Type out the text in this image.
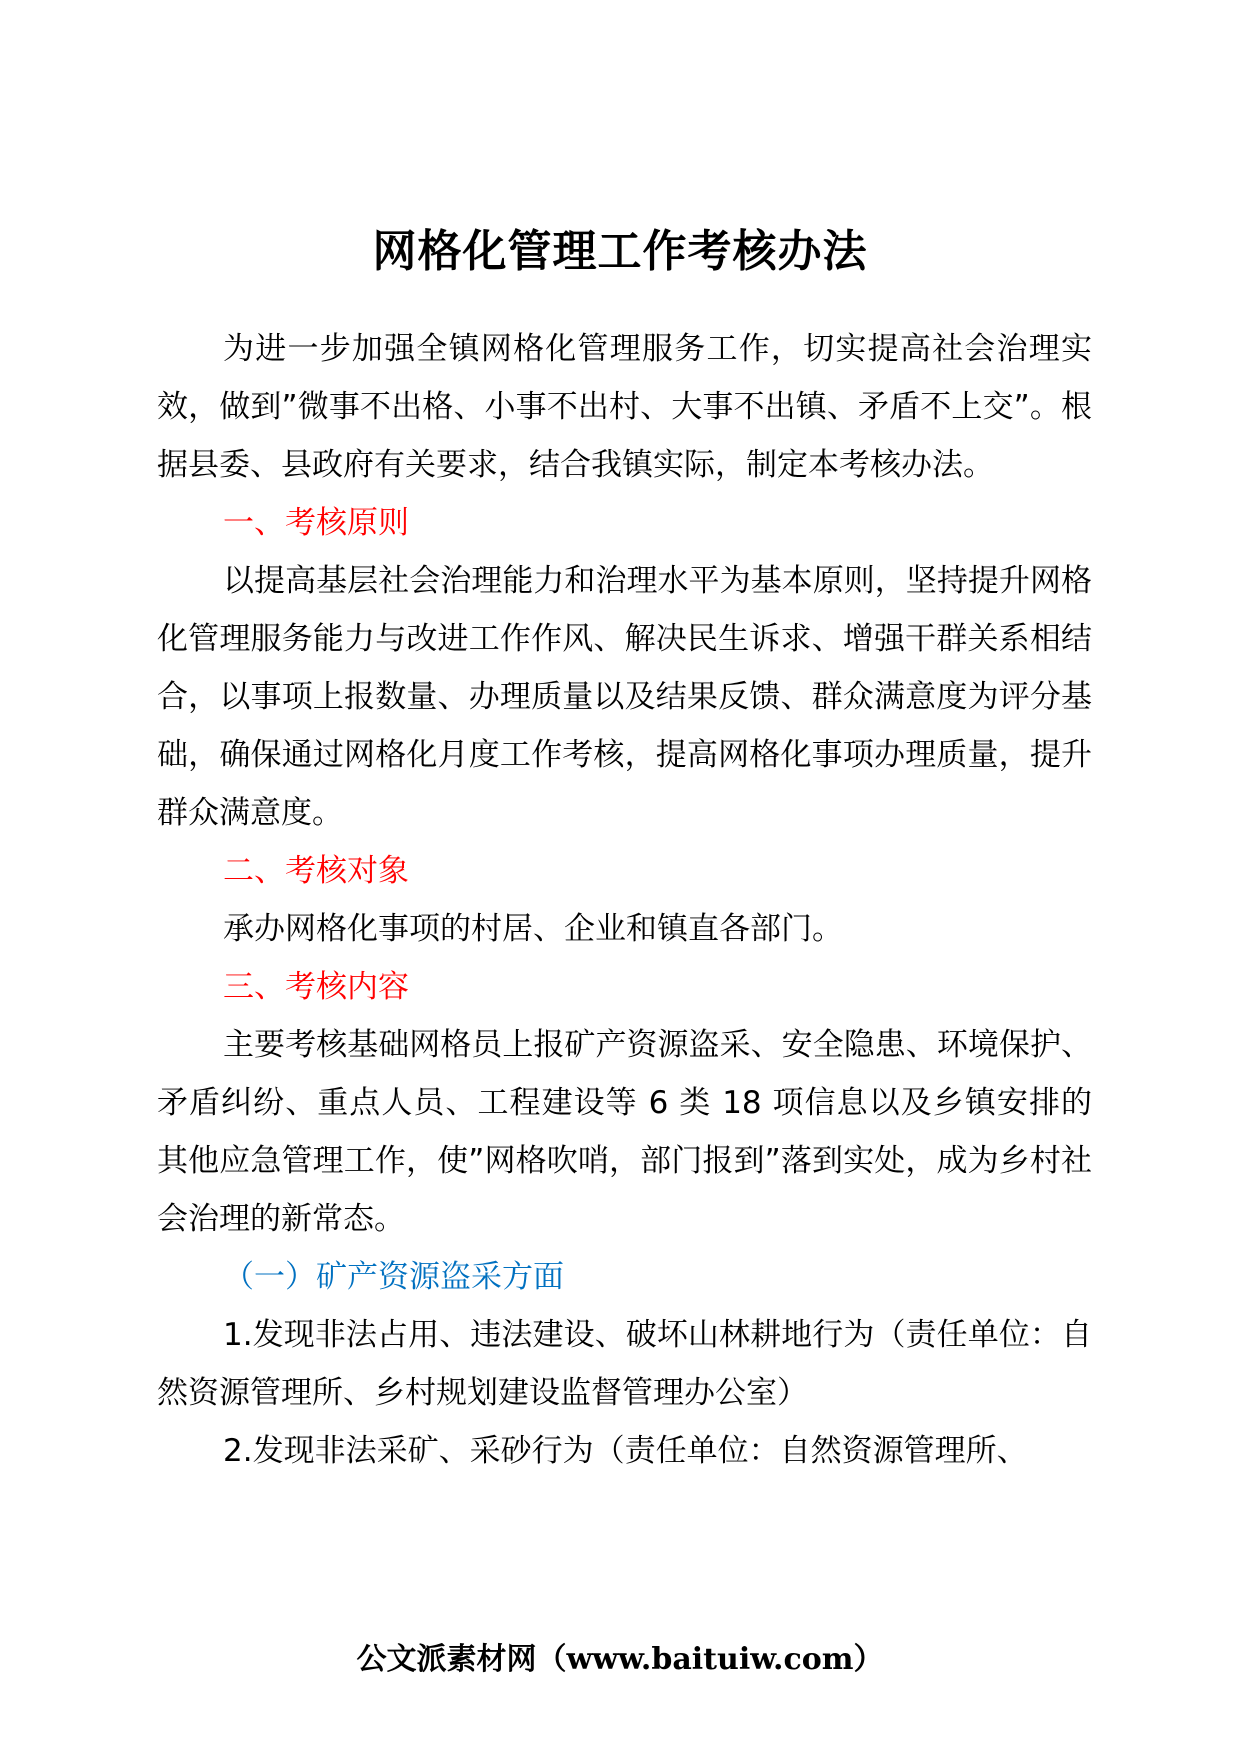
网格化管理工作考核办法

为进一步加强全镇网格化管理服务工作，切实提高社会治理实效，做到”微事不出格、小事不出村、大事不出镇、矛盾不上交”。根据县委、县政府有关要求，结合我镇实际，制定本考核办法。

一、考核原则

以提高基层社会治理能力和治理水平为基本原则，坚持提升网格化管理服务能力与改进工作作风、解决民生诉求、增强干群关系相结合，以事项上报数量、办理质量以及结果反馈、群众满意度为评分基础，确保通过网格化月度工作考核，提高网格化事项办理质量，提升群众满意度。

二、考核对象

承办网格化事项的村居、企业和镇直各部门。

三、考核内容

主要考核基础网格员上报矿产资源盗采、安全隐患、环境保护、矛盾纠纷、重点人员、工程建设等 6 类 18 项信息以及乡镇安排的其他应急管理工作，使”网格吹哨，部门报到”落到实处，成为乡村社会治理的新常态。

（一）矿产资源盗采方面

1.发现非法占用、违法建设、破坏山林耕地行为（责任单位：自然资源管理所、乡村规划建设监督管理办公室）

2.发现非法采矿、采砂行为（责任单位：自然资源管理所、

公文派素材网（www.baituiw.com）
